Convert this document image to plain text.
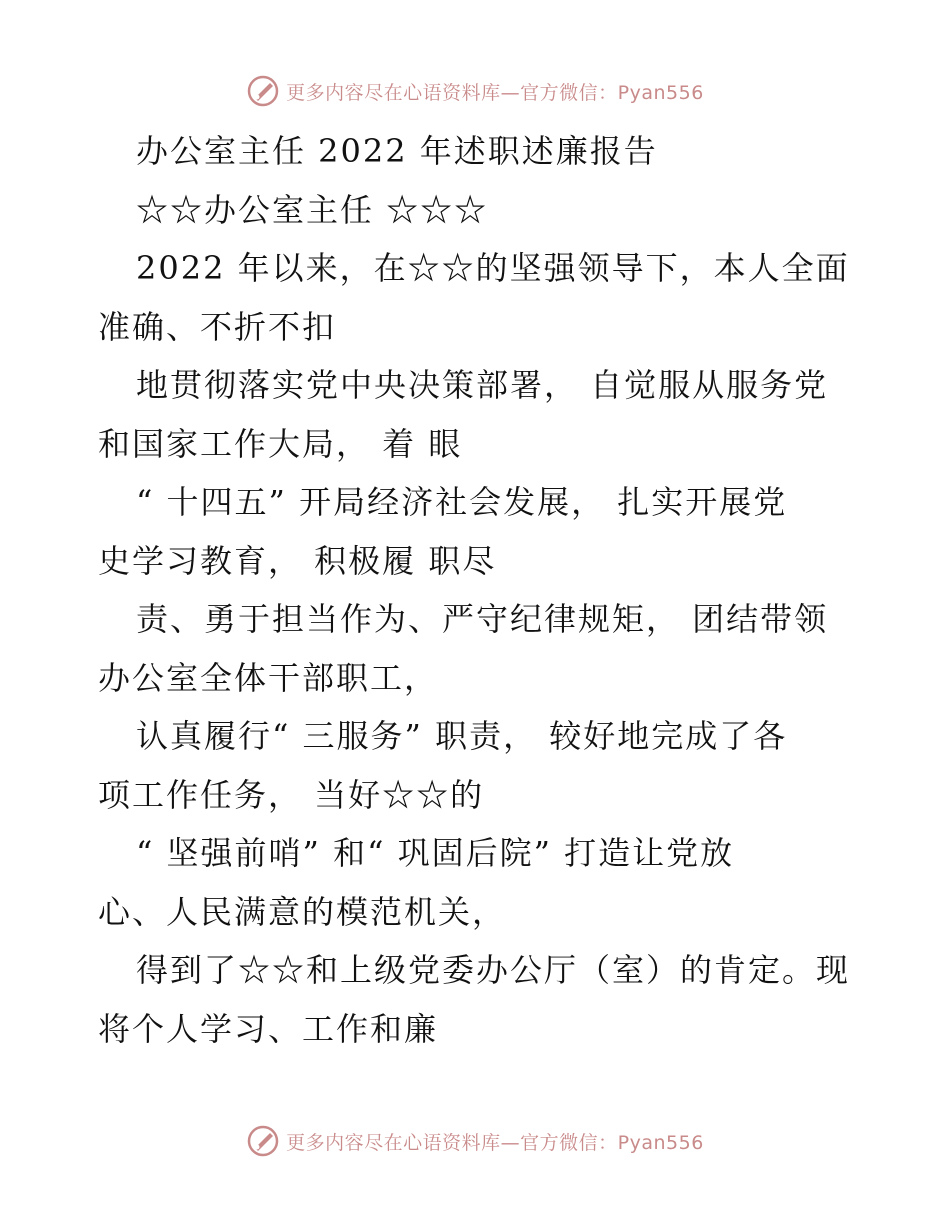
更多内容尽在心语资料库—官方微信：Pyan556
办公室主任 2022 年述职述廉报告
☆☆办公室主任 ☆☆☆
2022 年以来，在☆☆的坚强领导下，本人全面
准确、不折不扣
地贯彻落实党中央决策部署， 自觉服从服务党
和国家工作大局， 着 眼
“ 十四五” 开局经济社会发展， 扎实开展党
史学习教育， 积极履 职尽
责、勇于担当作为、严守纪律规矩， 团结带领
办公室全体干部职工，
认真履行“ 三服务” 职责， 较好地完成了各
项工作任务， 当好☆☆的
“ 坚强前哨” 和“ 巩固后院” 打造让党放
心、人民满意的模范机关，
得到了☆☆和上级党委办公厅（室）的肯定。现
将个人学习、工作和廉
更多内容尽在心语资料库—官方微信：Pyan556
